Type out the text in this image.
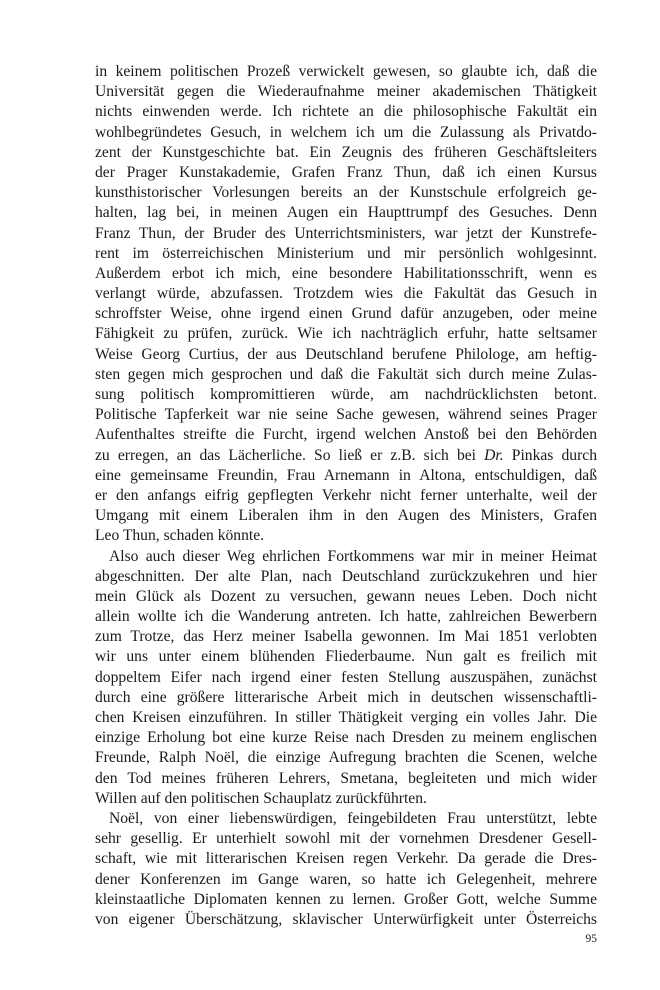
in keinem politischen Prozeß verwickelt gewesen, so glaubte ich, daß die
Universität gegen die Wiederaufnahme meiner akademischen Thätigkeit
nichts einwenden werde. Ich richtete an die philosophische Fakultät ein
wohlbegründetes Gesuch, in welchem ich um die Zulassung als Privatdo-
zent der Kunstgeschichte bat. Ein Zeugnis des früheren Geschäftsleiters
der Prager Kunstakademie, Grafen Franz Thun, daß ich einen Kursus
kunsthistorischer Vorlesungen bereits an der Kunstschule erfolgreich ge-
halten, lag bei, in meinen Augen ein Haupttrumpf des Gesuches. Denn
Franz Thun, der Bruder des Unterrichtsministers, war jetzt der Kunstrefe-
rent im österreichischen Ministerium und mir persönlich wohlgesinnt.
Außerdem erbot ich mich, eine besondere Habilitationsschrift, wenn es
verlangt würde, abzufassen. Trotzdem wies die Fakultät das Gesuch in
schroffster Weise, ohne irgend einen Grund dafür anzugeben, oder meine
Fähigkeit zu prüfen, zurück. Wie ich nachträglich erfuhr, hatte seltsamer
Weise Georg Curtius, der aus Deutschland berufene Philologe, am heftig-
sten gegen mich gesprochen und daß die Fakultät sich durch meine Zulas-
sung politisch kompromittieren würde, am nachdrücklichsten betont.
Politische Tapferkeit war nie seine Sache gewesen, während seines Prager
Aufenthaltes streifte die Furcht, irgend welchen Anstoß bei den Behörden
zu erregen, an das Lächerliche. So ließ er z.B. sich bei Dr. Pinkas durch
eine gemeinsame Freundin, Frau Arnemann in Altona, entschuldigen, daß
er den anfangs eifrig gepflegten Verkehr nicht ferner unterhalte, weil der
Umgang mit einem Liberalen ihm in den Augen des Ministers, Grafen
Leo Thun, schaden könnte.
Also auch dieser Weg ehrlichen Fortkommens war mir in meiner Heimat
abgeschnitten. Der alte Plan, nach Deutschland zurückzukehren und hier
mein Glück als Dozent zu versuchen, gewann neues Leben. Doch nicht
allein wollte ich die Wanderung antreten. Ich hatte, zahlreichen Bewerbern
zum Trotze, das Herz meiner Isabella gewonnen. Im Mai 1851 verlobten
wir uns unter einem blühenden Fliederbaume. Nun galt es freilich mit
doppeltem Eifer nach irgend einer festen Stellung auszuspähen, zunächst
durch eine größere litterarische Arbeit mich in deutschen wissenschaftli-
chen Kreisen einzuführen. In stiller Thätigkeit verging ein volles Jahr. Die
einzige Erholung bot eine kurze Reise nach Dresden zu meinem englischen
Freunde, Ralph Noël, die einzige Aufregung brachten die Scenen, welche
den Tod meines früheren Lehrers, Smetana, begleiteten und mich wider
Willen auf den politischen Schauplatz zurückführten.
Noël, von einer liebenswürdigen, feingebildeten Frau unterstützt, lebte
sehr gesellig. Er unterhielt sowohl mit der vornehmen Dresdener Gesell-
schaft, wie mit litterarischen Kreisen regen Verkehr. Da gerade die Dres-
dener Konferenzen im Gange waren, so hatte ich Gelegenheit, mehrere
kleinstaatliche Diplomaten kennen zu lernen. Großer Gott, welche Summe
von eigener Überschätzung, sklavischer Unterwürfigkeit unter Österreichs
95
